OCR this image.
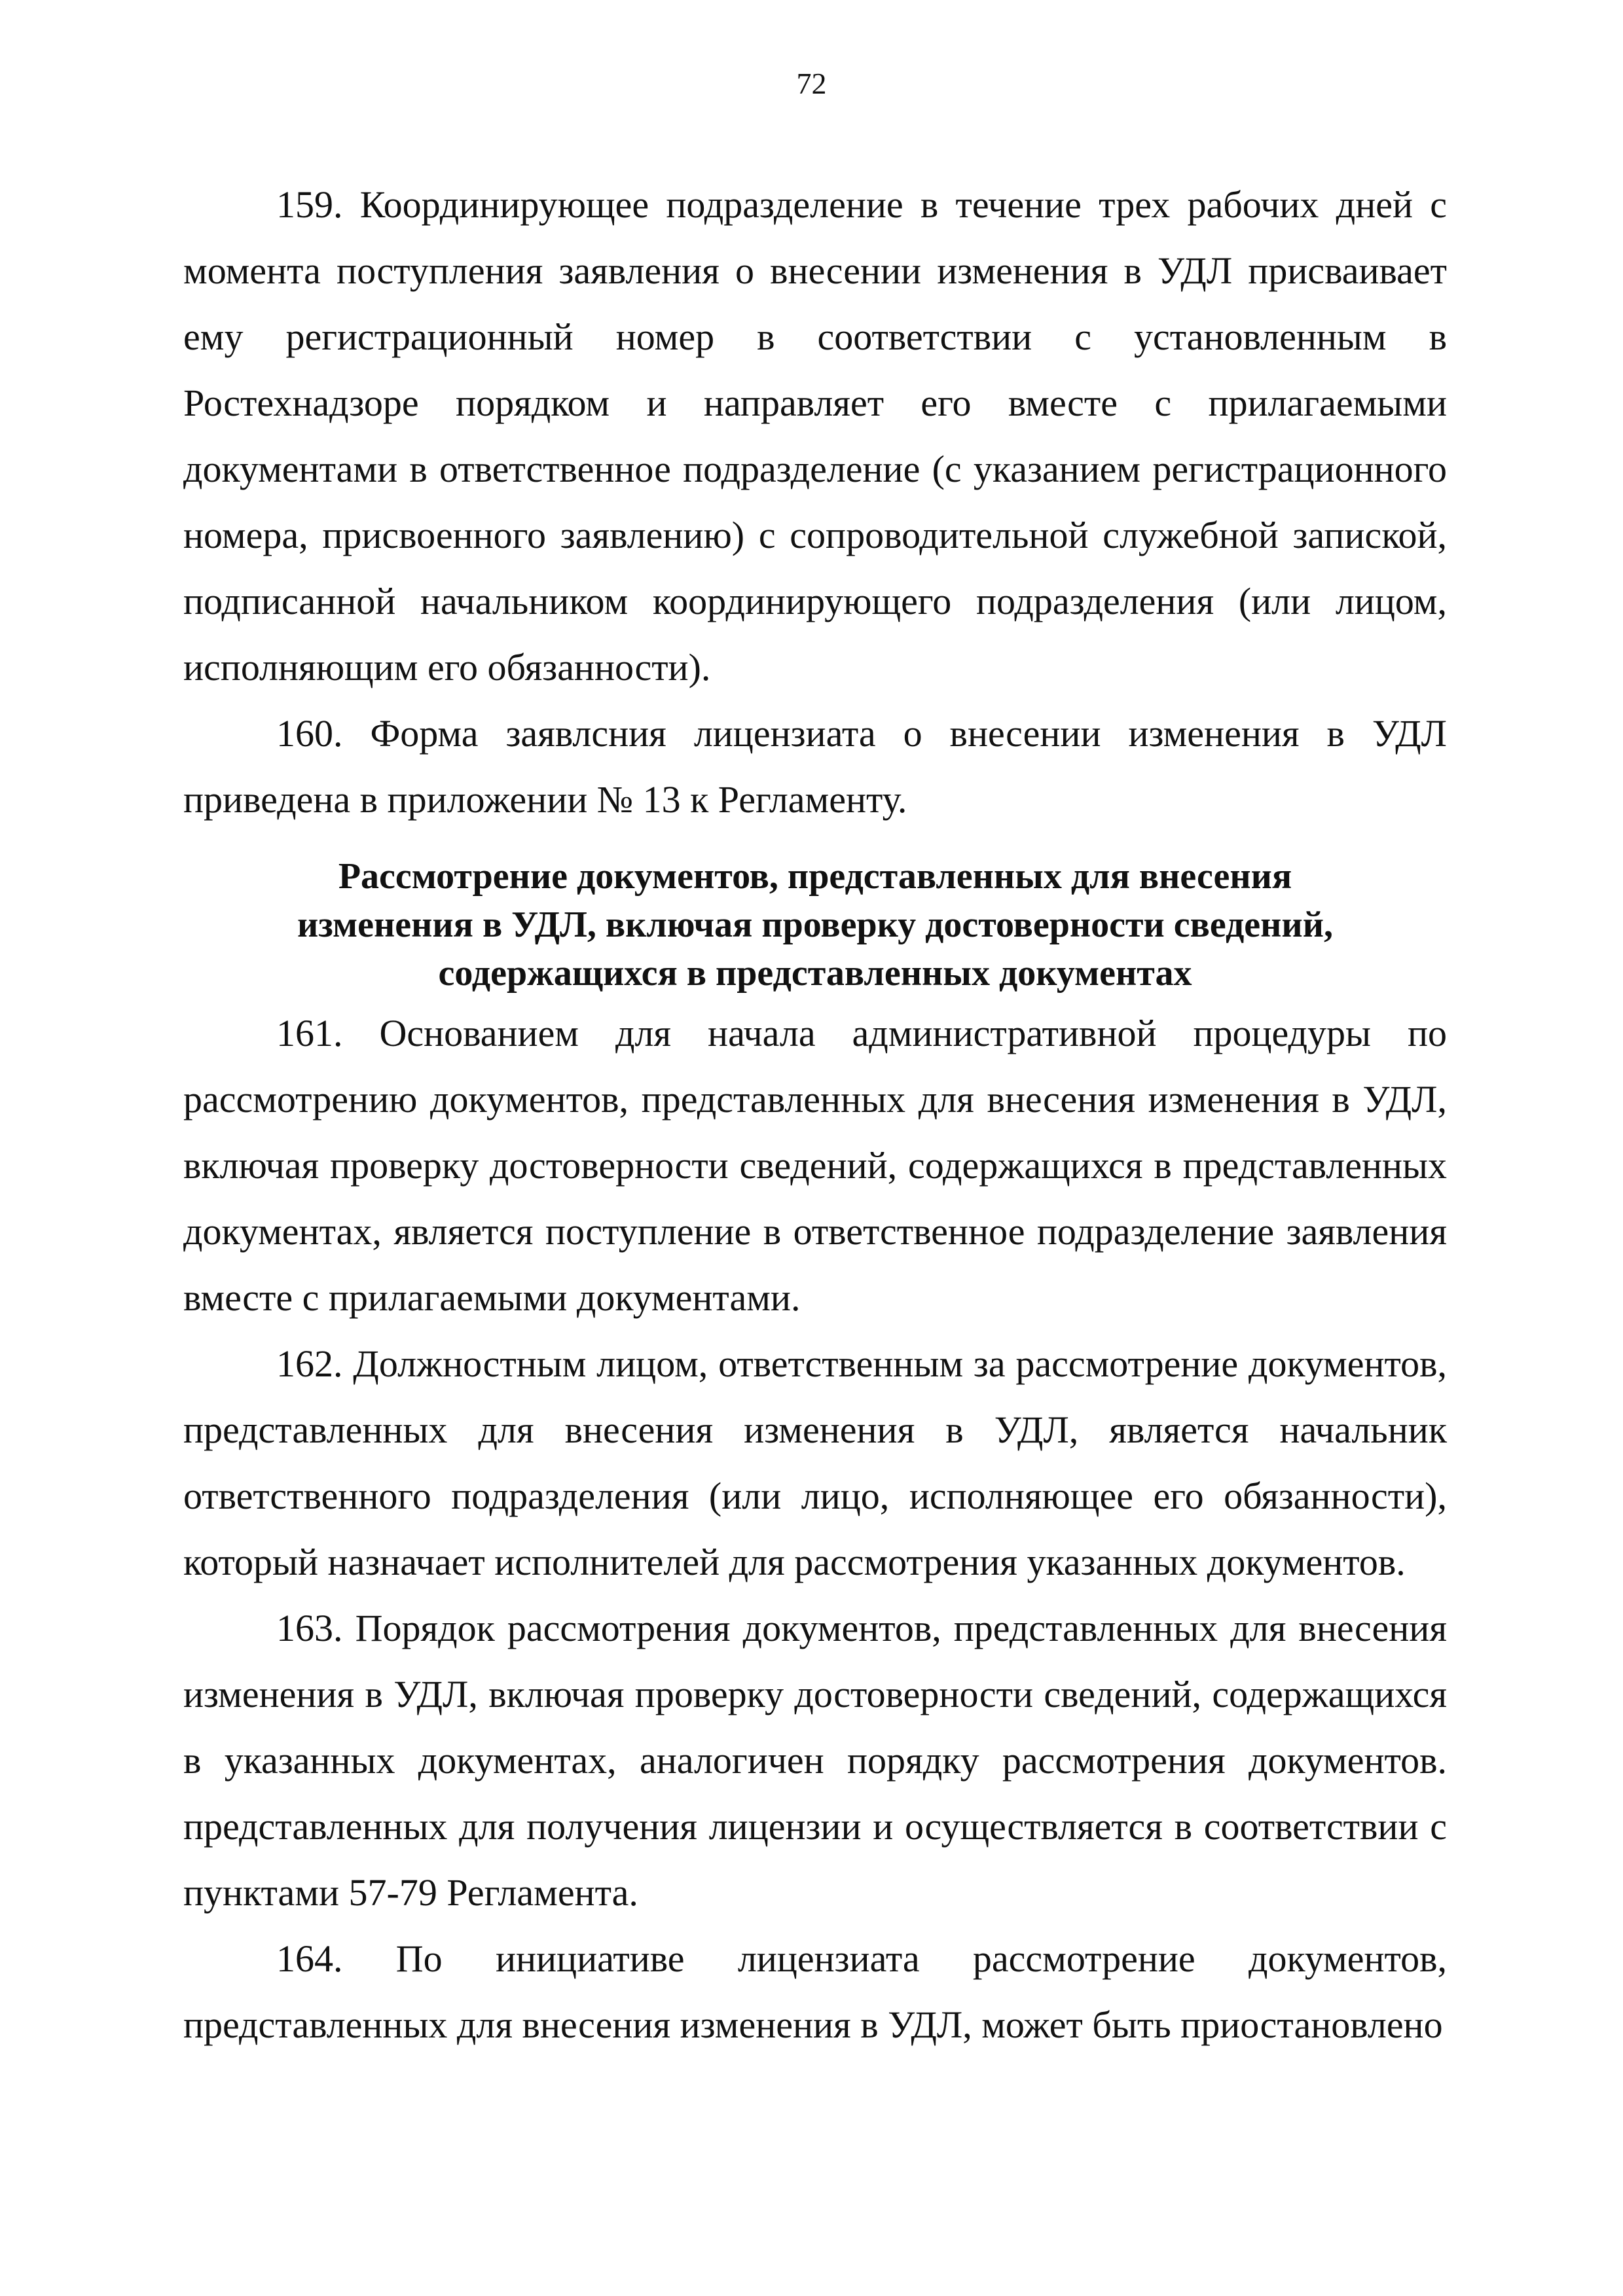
72

159. Координирующее подразделение в течение трех рабочих дней с момента поступления заявления о внесении изменения в УДЛ присваивает ему регистрационный номер в соответствии с установленным в Ростехнадзоре порядком и направляет его вместе с прилагаемыми документами в ответственное подразделение (с указанием регистрационного номера, присвоенного заявлению) с сопроводительной служебной запиской, подписанной начальником координирующего подразделения (или лицом, исполняющим его обязанности).

160. Форма заявлсния лицензиата о внесении изменения в УДЛ приведена в приложении № 13 к Регламенту.

Рассмотрение документов, представленных для внесения
изменения в УДЛ, включая проверку достоверности сведений,
содержащихся в представленных документах

161. Основанием для начала административной процедуры по рассмотрению документов, представленных для внесения изменения в УДЛ, включая проверку достоверности сведений, содержащихся в представленных документах, является поступление в ответственное подразделение заявления вместе с прилагаемыми документами.

162. Должностным лицом, ответственным за рассмотрение документов, представленных для внесения изменения в УДЛ, является начальник ответственного подразделения (или лицо, исполняющее его обязанности), который назначает исполнителей для рассмотрения указанных документов.

163. Порядок рассмотрения документов, представленных для внесения изменения в УДЛ, включая проверку достоверности сведений, содержащихся в указанных документах, аналогичен порядку рассмотрения документов. представленных для получения лицензии и осуществляется в соответствии с пунктами 57-79 Регламента.

164. По инициативе лицензиата рассмотрение документов, представленных для внесения изменения в УДЛ, может быть приостановлено
